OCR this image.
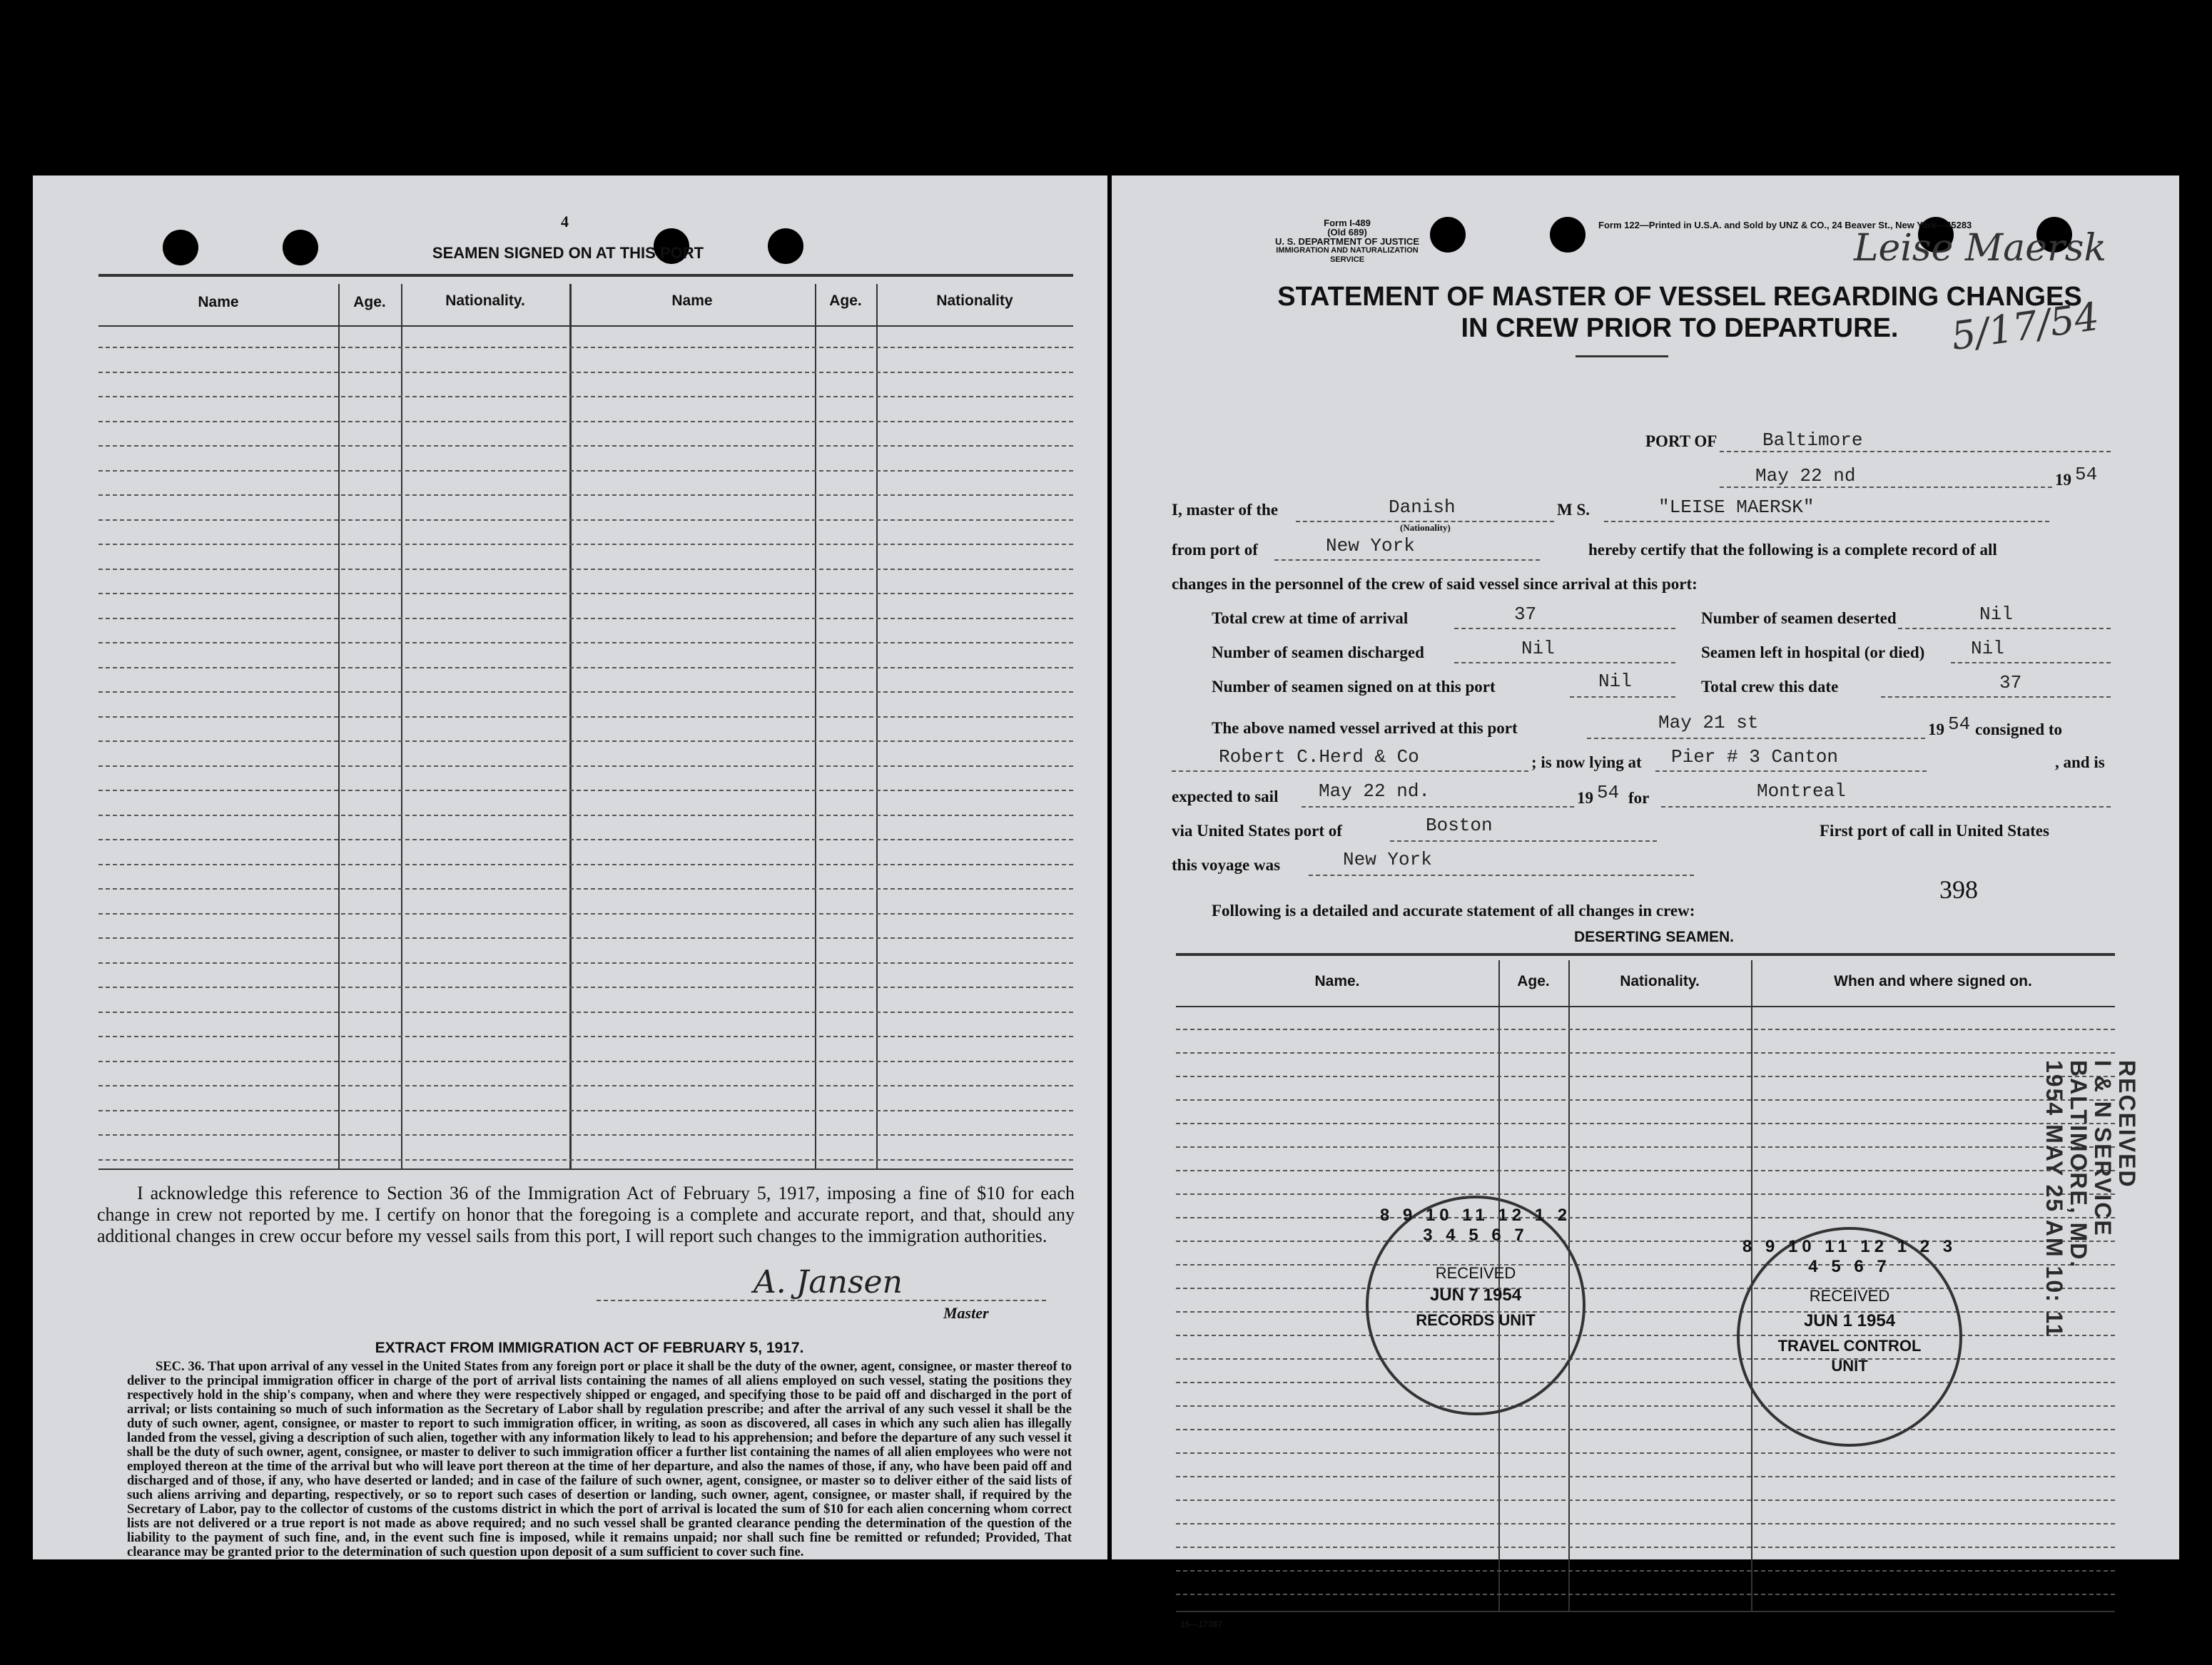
4
SEAMEN SIGNED ON AT THIS PORT
Name	Age.	Nationality.	Name	Age.	Nationality
I acknowledge this reference to Section 36 of the Immigration Act of February 5, 1917, imposing a fine of $10 for each change in crew not reported by me. I certify on honor that the foregoing is a complete and accurate report, and that, should any additional changes in crew occur before my vessel sails from this port, I will report such changes to the immigration authorities.
A. Jansen
Master
EXTRACT FROM IMMIGRATION ACT OF FEBRUARY 5, 1917.
SEC. 36. That upon arrival of any vessel in the United States from any foreign port or place it shall be the duty of the owner, agent, consignee, or master thereof to deliver to the principal immigration officer in charge of the port of arrival lists containing the names of all aliens employed on such vessel, stating the positions they respectively hold in the ship's company, when and where they were respectively shipped or engaged, and specifying those to be paid off and discharged in the port of arrival; or lists containing so much of such information as the Secretary of Labor shall by regulation prescribe; and after the arrival of any such vessel it shall be the duty of such owner, agent, consignee, or master to report to such immigration officer, in writing, as soon as discovered, all cases in which any such alien has illegally landed from the vessel, giving a description of such alien, together with any information likely to lead to his apprehension; and before the departure of any such vessel it shall be the duty of such owner, agent, consignee, or master to deliver to such immigration officer a further list containing the names of all alien employees who were not employed thereon at the time of the arrival but who will leave port thereon at the time of her departure, and also the names of those, if any, who have been paid off and discharged and of those, if any, who have deserted or landed; and in case of the failure of such owner, agent, consignee, or master so to deliver either of the said lists of such aliens arriving and departing, respectively, or so to report such cases of desertion or landing, such owner, agent, consignee, or master shall, if required by the Secretary of Labor, pay to the collector of customs of the customs district in which the port of arrival is located the sum of $10 for each alien concerning whom correct lists are not delivered or a true report is not made as above required; and no such vessel shall be granted clearance pending the determination of the question of the liability to the payment of such fine, and, in the event such fine is imposed, while it remains unpaid; nor shall such fine be remitted or refunded; Provided, That clearance may be granted prior to the determination of such question upon deposit of a sum sufficient to cover such fine.
Form I-489
(Old 689)
U. S. DEPARTMENT OF JUSTICE
IMMIGRATION AND NATURALIZATION SERVICE
Form 122—Printed in U.S.A. and Sold by UNZ & CO., 24 Beaver St., New York—45283
Leise Maersk
5/17/54
STATEMENT OF MASTER OF VESSEL REGARDING CHANGES
IN CREW PRIOR TO DEPARTURE.
PORT OF Baltimore
May 22 nd	19 54
I, master of the	Danish
(Nationality)
M S.	"LEISE MAERSK"
from port of	New York	hereby certify that the following is a complete record of all
changes in the personnel of the crew of said vessel since arrival at this port:
Total crew at time of arrival	37	Number of seamen deserted	Nil
Number of seamen discharged	Nil	Seamen left in hospital (or died) Nil
Number of seamen signed on at this port	Nil	Total crew this date	37
The above named vessel arrived at this port	May 21 st	19 54 consigned to
Robert C.Herd & Co	; is now lying at Pier # 3 Canton	, and is
expected to sail May 22 nd.	19 54 for	Montreal
via United States port of	Boston	First port of call in United States
this voyage was	New York
Following is a detailed and accurate statement of all changes in crew:
398
DESERTING SEAMEN.
Name.	Age.	Nationality.	When and where signed on.
16—17387
RECEIVED
I & N SERVICE
BALTIMORE, MD.
1954 MAY 25 AM 10: 11
8 9 10 11 12 1 2 3 4 5 6 7
RECEIVED
JUN 7 1954
RECORDS UNIT
8 9 10 11 12 1 2 3 4 5 6 7
RECEIVED
JUN 1 1954
TRAVEL CONTROL
UNIT
